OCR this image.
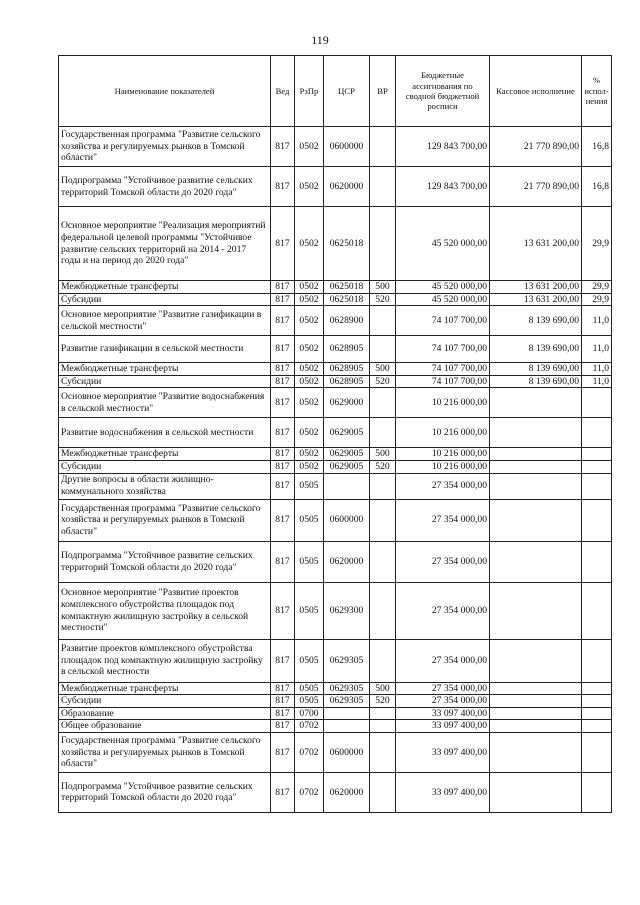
119
Наименование показателей	Вед	РзПр	ЦСР	ВР	Бюджетные ассигнования по сводной бюджетной росписи	Кассовое исполнение	% испол-нения
Государственная программа "Развитие сельского хозяйства и регулируемых рынков в Томской области"	817	0502	0600000		129 843 700,00	21 770 890,00	16,8
Подпрограмма "Устойчивое развитие сельских территорий Томской области до 2020 года"	817	0502	0620000		129 843 700,00	21 770 890,00	16,8
Основное мероприятие "Реализация мероприятий федеральной целевой программы "Устойчивое развитие сельских территорий на 2014 - 2017 годы и на период до 2020 года"	817	0502	0625018		45 520 000,00	13 631 200,00	29,9
Межбюджетные трансферты	817	0502	0625018	500	45 520 000,00	13 631 200,00	29,9
Субсидии	817	0502	0625018	520	45 520 000,00	13 631 200,00	29,9
Основное мероприятие "Развитие газификации в сельской местности"	817	0502	0628900		74 107 700,00	8 139 690,00	11,0
Развитие газификации в сельской местности	817	0502	0628905		74 107 700,00	8 139 690,00	11,0
Межбюджетные трансферты	817	0502	0628905	500	74 107 700,00	8 139 690,00	11,0
Субсидии	817	0502	0628905	520	74 107 700,00	8 139 690,00	11,0
Основное мероприятие "Развитие водоснабжения в сельской местности"	817	0502	0629000		10 216 000,00		
Развитие водоснабжения в сельской местности	817	0502	0629005		10 216 000,00		
Межбюджетные трансферты	817	0502	0629005	500	10 216 000,00		
Субсидии	817	0502	0629005	520	10 216 000,00		
Другие вопросы в области жилищно-коммунального хозяйства	817	0505			27 354 000,00		
Государственная программа "Развитие сельского хозяйства и регулируемых рынков в Томской области"	817	0505	0600000		27 354 000,00		
Подпрограмма "Устойчивое развитие сельских территорий Томской области до 2020 года"	817	0505	0620000		27 354 000,00		
Основное мероприятие "Развитие проектов комплексного обустройства площадок под компактную жилищную застройку в сельской местности"	817	0505	0629300		27 354 000,00		
Развитие проектов комплексного обустройства площадок под компактную жилищную застройку в сельской местности	817	0505	0629305		27 354 000,00		
Межбюджетные трансферты	817	0505	0629305	500	27 354 000,00		
Субсидии	817	0505	0629305	520	27 354 000,00		
Образование	817	0700			33 097 400,00		
Общее образование	817	0702			33 097 400,00		
Государственная программа "Развитие сельского хозяйства и регулируемых рынков в Томской области"	817	0702	0600000		33 097 400,00		
Подпрограмма "Устойчивое развитие сельских территорий Томской области до 2020 года"	817	0702	0620000		33 097 400,00		
